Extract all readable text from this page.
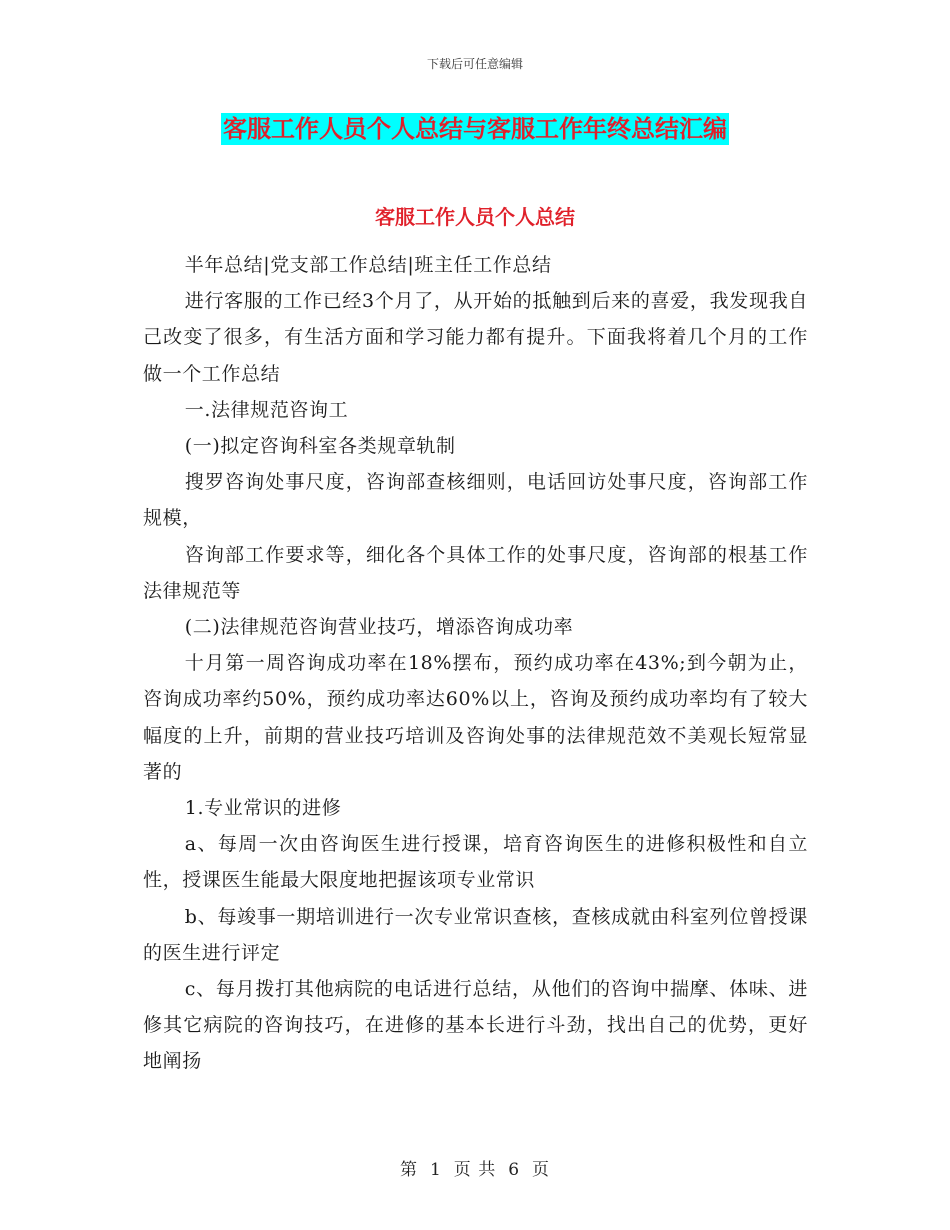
下载后可任意编辑
客服工作人员个人总结与客服工作年终总结汇编
客服工作人员个人总结

半年总结|党支部工作总结|班主任工作总结

进行客服的工作已经3个月了，从开始的抵触到后来的喜爱，我发现我自己改变了很多，有生活方面和学习能力都有提升。下面我将着几个月的工作做一个工作总结

一.法律规范咨询工

(一)拟定咨询科室各类规章轨制

搜罗咨询处事尺度，咨询部查核细则，电话回访处事尺度，咨询部工作规模，

咨询部工作要求等，细化各个具体工作的处事尺度，咨询部的根基工作法律规范等

(二)法律规范咨询营业技巧，增添咨询成功率

十月第一周咨询成功率在18%摆布，预约成功率在43%;到今朝为止，咨询成功率约50%，预约成功率达60%以上，咨询及预约成功率均有了较大幅度的上升，前期的营业技巧培训及咨询处事的法律规范效不美观长短常显著的

1.专业常识的进修

a、每周一次由咨询医生进行授课，培育咨询医生的进修积极性和自立性，授课医生能最大限度地把握该项专业常识

b、每竣事一期培训进行一次专业常识查核，查核成就由科室列位曾授课的医生进行评定

c、每月拨打其他病院的电话进行总结，从他们的咨询中揣摩、体味、进修其它病院的咨询技巧，在进修的基本长进行斗劲，找出自己的优势，更好地阐扬

第 1 页 共 6 页
